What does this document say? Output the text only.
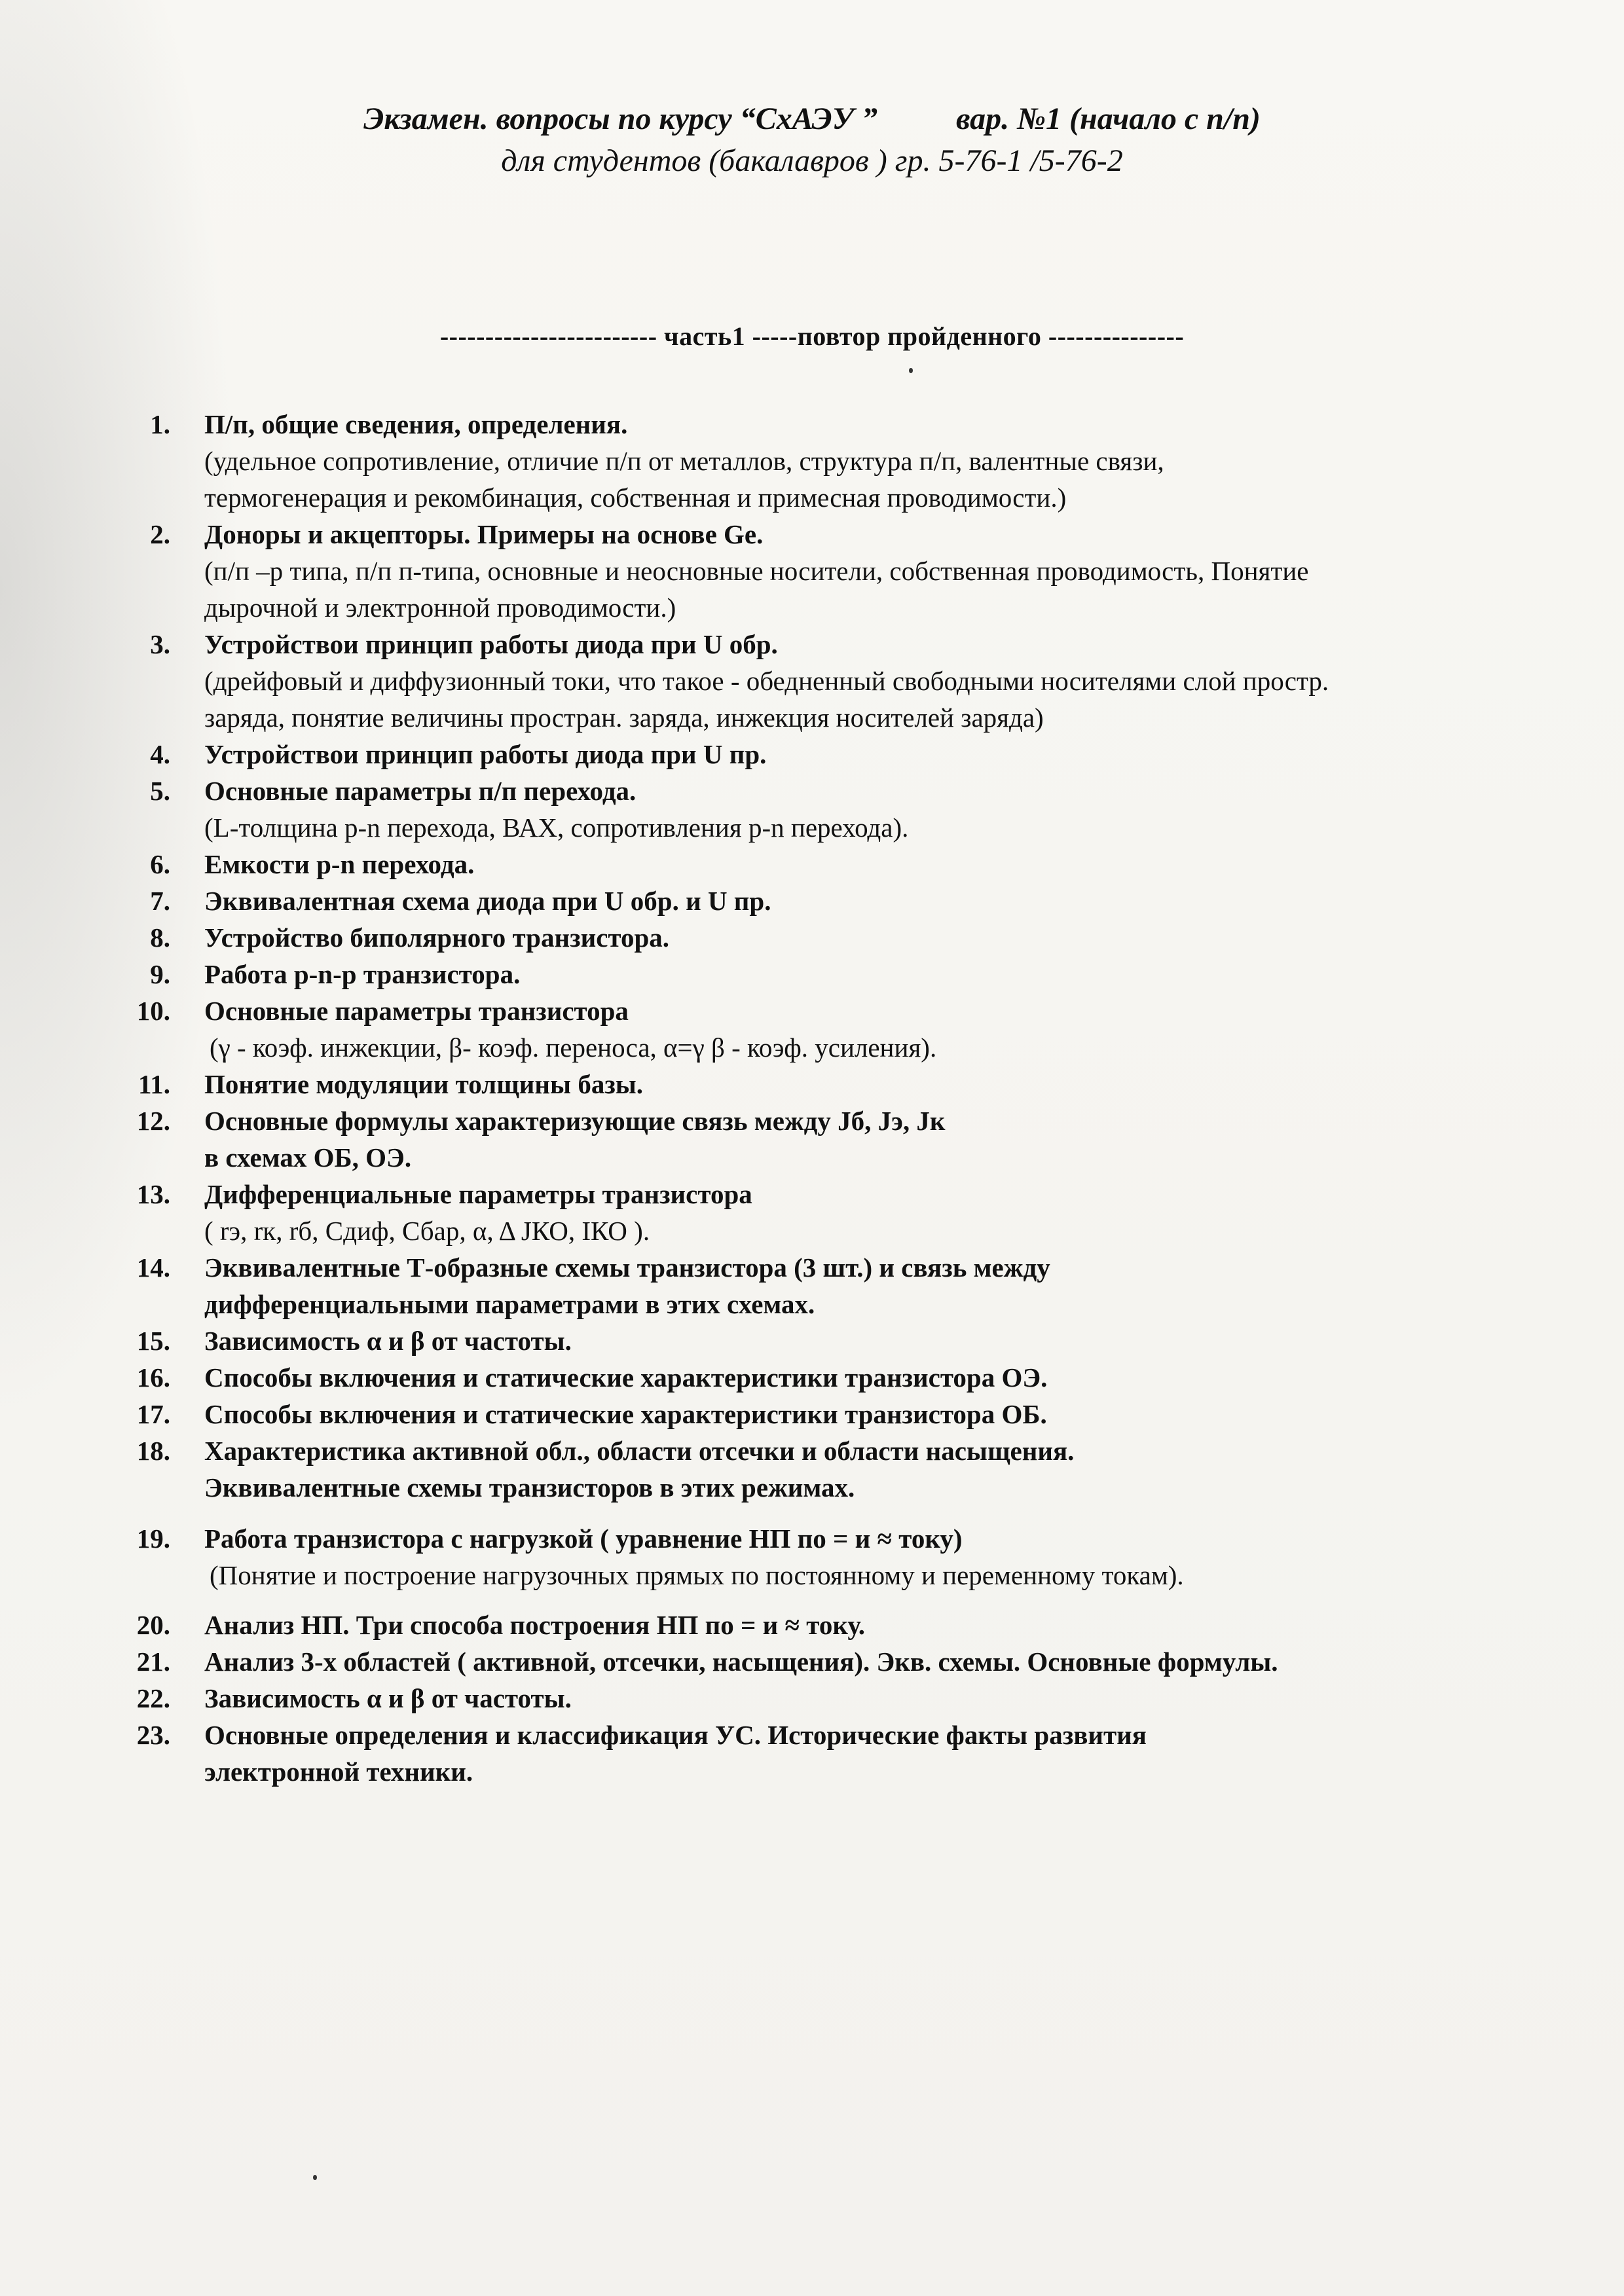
Экзамен. вопросы по курсу “СхАЭУ ”	вар. №1 (начало с п/п)
для студентов (бакалавров ) гр. 5-76-1 /5-76-2
------------------------ часть1 -----повтор пройденного ---------------
1. П/п, общие сведения, определения.
(удельное сопротивление, отличие п/п от металлов, структура п/п, валентные связи,
термогенерация и рекомбинация, собственная и примесная проводимости.)
2. Доноры и акцепторы. Примеры на основе Ge.
(п/п –р типа, п/п п-типа, основные и неосновные носители, собственная проводимость, Понятие
дырочной и электронной проводимости.)
3. Устройствои принцип работы диода при U обр.
(дрейфовый и диффузионный токи, что такое - обедненный свободными носителями слой простр.
заряда, понятие величины простран. заряда, инжекция носителей заряда)
4. Устройствои принцип работы диода при U пр.
5. Основные параметры п/п перехода.
(L-толщина р-n перехода, ВАХ, сопротивления р-n перехода).
6. Емкости р-n перехода.
7. Эквивалентная схема диода при U обр. и U пр.
8. Устройство биполярного транзистора.
9. Работа р-n-р транзистора.
10. Основные параметры транзистора
(γ - коэф. инжекции, β- коэф. переноса, α=γ β - коэф. усиления).
11. Понятие модуляции толщины базы.
12. Основные формулы характеризующие связь между Jб, Jэ, Jк
в схемах ОБ, ОЭ.
13. Дифференциальные параметры транзистора
( rэ, rк, rб, Сдиф, Сбар, α, Δ JКО, IКО ).
14. Эквивалентные Т-образные схемы транзистора (3 шт.) и связь между
дифференциальными параметрами в этих схемах.
15. Зависимость α и β от частоты.
16. Способы включения и статические характеристики транзистора ОЭ.
17. Способы включения и статические характеристики транзистора ОБ.
18. Характеристика активной обл., области отсечки и области насыщения.
Эквивалентные схемы транзисторов в этих режимах.
19. Работа транзистора с нагрузкой ( уравнение НП по = и ≈ току)
(Понятие и построение нагрузочных прямых по постоянному и переменному токам).
20. Анализ НП. Три способа построения НП по = и ≈ току.
21. Анализ 3-х областей ( активной, отсечки, насыщения). Экв. схемы. Основные формулы.
22. Зависимость α и β от частоты.
23. Основные определения и классификация УС. Исторические факты развития
электронной техники.
